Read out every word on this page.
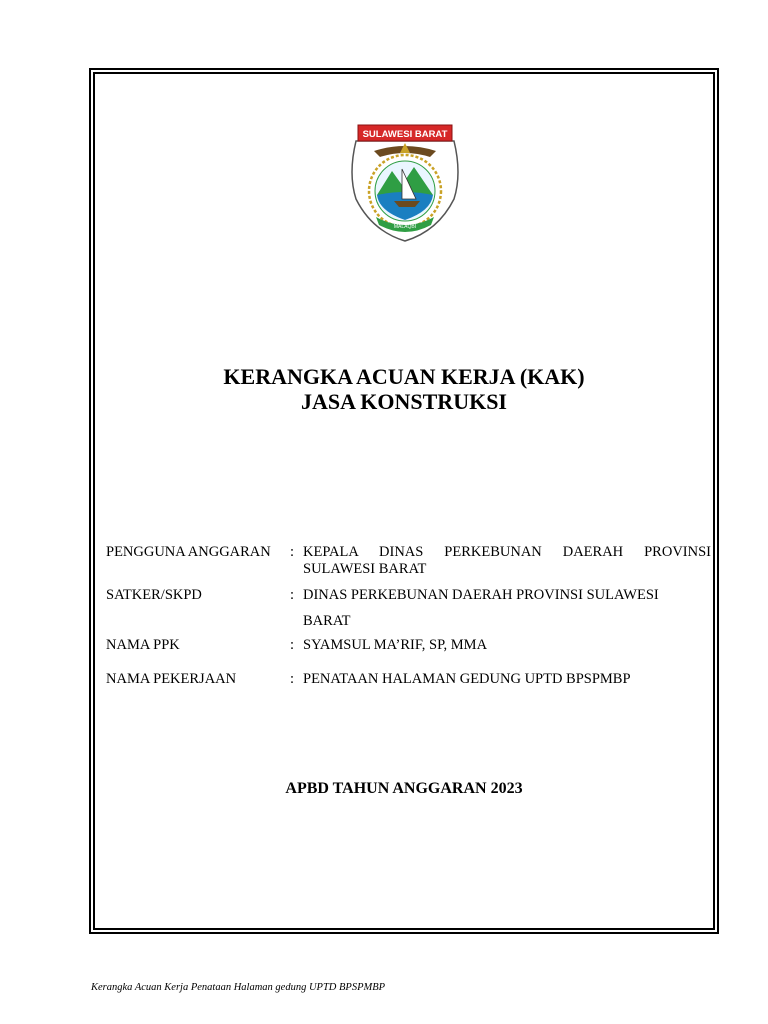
SULAWESI BARAT
MALAQBI
KERANGKA ACUAN KERJA (KAK)
JASA KONSTRUKSI
PENGGUNA ANGGARAN : KEPALA DINAS PERKEBUNAN DAERAH PROVINSI
SULAWESI BARAT
SATKER/SKPD	: DINAS PERKEBUNAN DAERAH PROVINSI SULAWESI
BARAT
NAMA PPK	: SYAMSUL MA’RIF, SP, MMA
NAMA PEKERJAAN	: PENATAAN HALAMAN GEDUNG UPTD BPSPMBP
APBD TAHUN ANGGARAN 2023
Kerangka Acuan Kerja Penataan Halaman gedung UPTD BPSPMBP
